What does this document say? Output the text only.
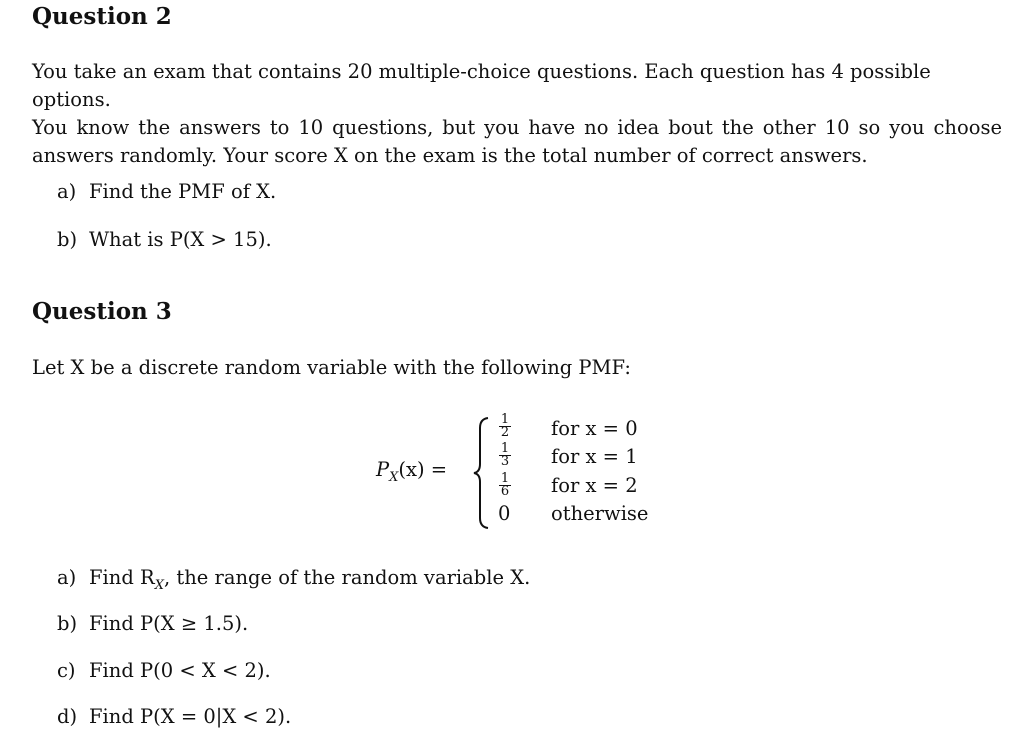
Question 2
You take an exam that contains 20 multiple-choice questions. Each question has 4 possible options.
You know the answers to 10 questions, but you have no idea bout the other 10 so you choose
answers randomly. Your score X on the exam is the total number of correct answers.
a) Find the PMF of X.
b) What is P(X > 15).
Question 3
Let X be a discrete random variable with the following PMF:
$P_X(x)$ =
1
2
1
3
1
6
0
for x = 0
for x = 1
for x = 2
otherwise
a) Find $R_X$, the range of the random variable X.
b) Find P(X ≥ 1.5).
c) Find P(0 < X < 2).
d) Find P(X = 0|X < 2).
